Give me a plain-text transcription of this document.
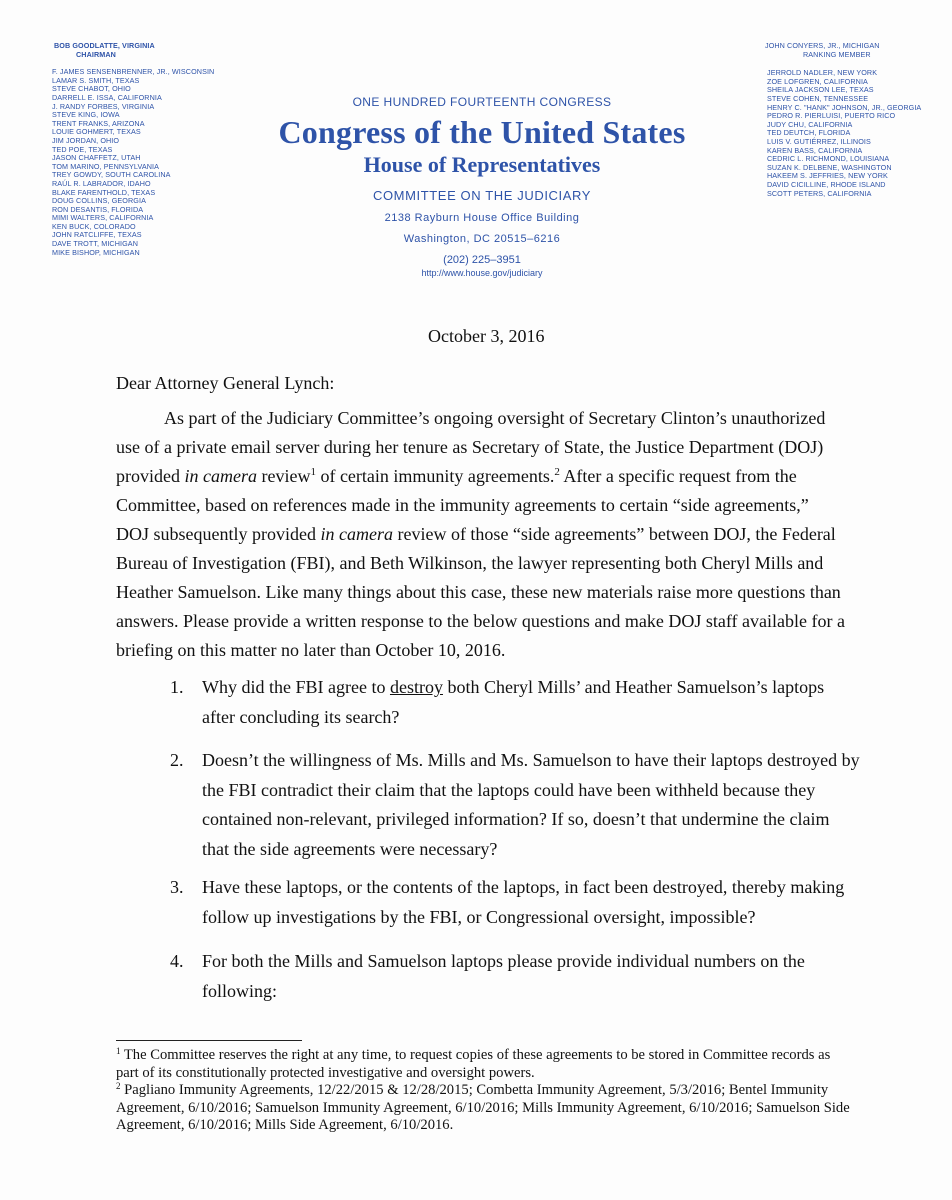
BOB GOODLATTE, VIRGINIA
CHAIRMAN
F. JAMES SENSENBRENNER, JR., WISCONSIN
LAMAR S. SMITH, TEXAS
STEVE CHABOT, OHIO
DARRELL E. ISSA, CALIFORNIA
J. RANDY FORBES, VIRGINIA
STEVE KING, IOWA
TRENT FRANKS, ARIZONA
LOUIE GOHMERT, TEXAS
JIM JORDAN, OHIO
TED POE, TEXAS
JASON CHAFFETZ, UTAH
TOM MARINO, PENNSYLVANIA
TREY GOWDY, SOUTH CAROLINA
RAÚL R. LABRADOR, IDAHO
BLAKE FARENTHOLD, TEXAS
DOUG COLLINS, GEORGIA
RON DESANTIS, FLORIDA
MIMI WALTERS, CALIFORNIA
KEN BUCK, COLORADO
JOHN RATCLIFFE, TEXAS
DAVE TROTT, MICHIGAN
MIKE BISHOP, MICHIGAN
JOHN CONYERS, JR., MICHIGAN
RANKING MEMBER
JERROLD NADLER, NEW YORK
ZOE LOFGREN, CALIFORNIA
SHEILA JACKSON LEE, TEXAS
STEVE COHEN, TENNESSEE
HENRY C. "HANK" JOHNSON, JR., GEORGIA
PEDRO R. PIERLUISI, PUERTO RICO
JUDY CHU, CALIFORNIA
TED DEUTCH, FLORIDA
LUIS V. GUTIÉRREZ, ILLINOIS
KAREN BASS, CALIFORNIA
CEDRIC L. RICHMOND, LOUISIANA
SUZAN K. DELBENE, WASHINGTON
HAKEEM S. JEFFRIES, NEW YORK
DAVID CICILLINE, RHODE ISLAND
SCOTT PETERS, CALIFORNIA
ONE HUNDRED FOURTEENTH CONGRESS
Congress of the United States
House of Representatives
COMMITTEE ON THE JUDICIARY
2138 Rayburn House Office Building
Washington, DC 20515–6216
(202) 225–3951
http://www.house.gov/judiciary
October 3, 2016
Dear Attorney General Lynch:

As part of the Judiciary Committee’s ongoing oversight of Secretary Clinton’s unauthorized use of a private email server during her tenure as Secretary of State, the Justice Department (DOJ) provided in camera review$^1$ of certain immunity agreements.$^2$ After a specific request from the Committee, based on references made in the immunity agreements to certain “side agreements,” DOJ subsequently provided in camera review of those “side agreements” between DOJ, the Federal Bureau of Investigation (FBI), and Beth Wilkinson, the lawyer representing both Cheryl Mills and Heather Samuelson. Like many things about this case, these new materials raise more questions than answers. Please provide a written response to the below questions and make DOJ staff available for a briefing on this matter no later than October 10, 2016.

1.	Why did the FBI agree to destroy both Cheryl Mills’ and Heather Samuelson’s laptops after concluding its search?
2.	Doesn’t the willingness of Ms. Mills and Ms. Samuelson to have their laptops destroyed by the FBI contradict their claim that the laptops could have been withheld because they contained non-relevant, privileged information? If so, doesn’t that undermine the claim that the side agreements were necessary?
3.	Have these laptops, or the contents of the laptops, in fact been destroyed, thereby making follow up investigations by the FBI, or Congressional oversight, impossible?
4.	For both the Mills and Samuelson laptops please provide individual numbers on the following:
$^1$ The Committee reserves the right at any time, to request copies of these agreements to be stored in Committee records as part of its constitutionally protected investigative and oversight powers.
$^2$ Pagliano Immunity Agreements, 12/22/2015 & 12/28/2015; Combetta Immunity Agreement, 5/3/2016; Bentel Immunity Agreement, 6/10/2016; Samuelson Immunity Agreement, 6/10/2016; Mills Immunity Agreement, 6/10/2016; Samuelson Side Agreement, 6/10/2016; Mills Side Agreement, 6/10/2016.
